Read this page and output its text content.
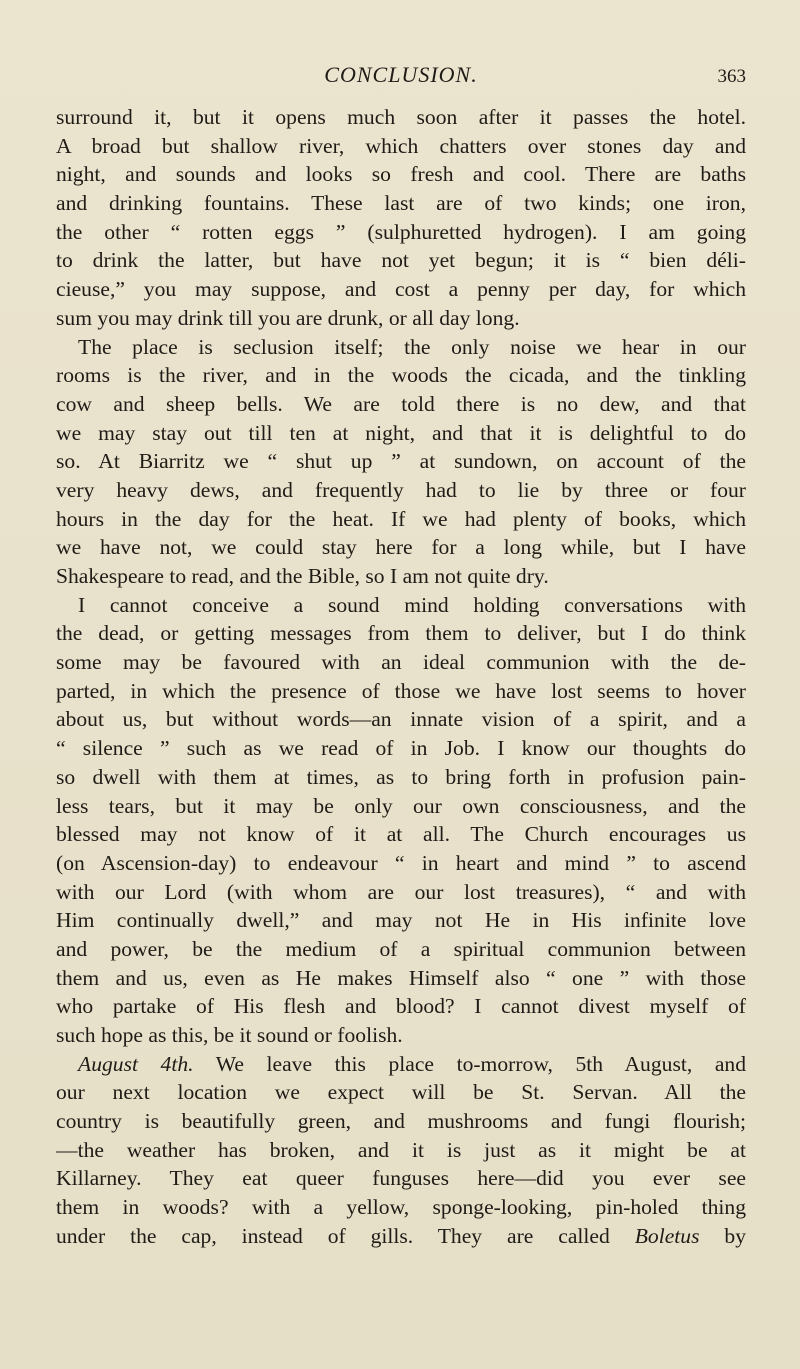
CONCLUSION.	363
surround it, but it opens much soon after it passes the hotel.
A broad but shallow river, which chatters over stones day and
night, and sounds and looks so fresh and cool. There are baths
and drinking fountains. These last are of two kinds; one iron,
the other “ rotten eggs ” (sulphuretted hydrogen). I am going
to drink the latter, but have not yet begun; it is “ bien déli-
cieuse,” you may suppose, and cost a penny per day, for which
sum you may drink till you are drunk, or all day long.
The place is seclusion itself; the only noise we hear in our
rooms is the river, and in the woods the cicada, and the tinkling
cow and sheep bells. We are told there is no dew, and that
we may stay out till ten at night, and that it is delightful to do
so. At Biarritz we “ shut up ” at sundown, on account of the
very heavy dews, and frequently had to lie by three or four
hours in the day for the heat. If we had plenty of books, which
we have not, we could stay here for a long while, but I have
Shakespeare to read, and the Bible, so I am not quite dry.
I cannot conceive a sound mind holding conversations with
the dead, or getting messages from them to deliver, but I do think
some may be favoured with an ideal communion with the de-
parted, in which the presence of those we have lost seems to hover
about us, but without words—an innate vision of a spirit, and a
“ silence ” such as we read of in Job. I know our thoughts do
so dwell with them at times, as to bring forth in profusion pain-
less tears, but it may be only our own consciousness, and the
blessed may not know of it at all. The Church encourages us
(on Ascension-day) to endeavour “ in heart and mind ” to ascend
with our Lord (with whom are our lost treasures), “ and with
Him continually dwell,” and may not He in His infinite love
and power, be the medium of a spiritual communion between
them and us, even as He makes Himself also “ one ” with those
who partake of His flesh and blood? I cannot divest myself of
such hope as this, be it sound or foolish.
August 4th. We leave this place to-morrow, 5th August, and
our next location we expect will be St. Servan. All the
country is beautifully green, and mushrooms and fungi flourish;
—the weather has broken, and it is just as it might be at
Killarney. They eat queer funguses here—did you ever see
them in woods? with a yellow, sponge-looking, pin-holed thing
under the cap, instead of gills. They are called Boletus by
